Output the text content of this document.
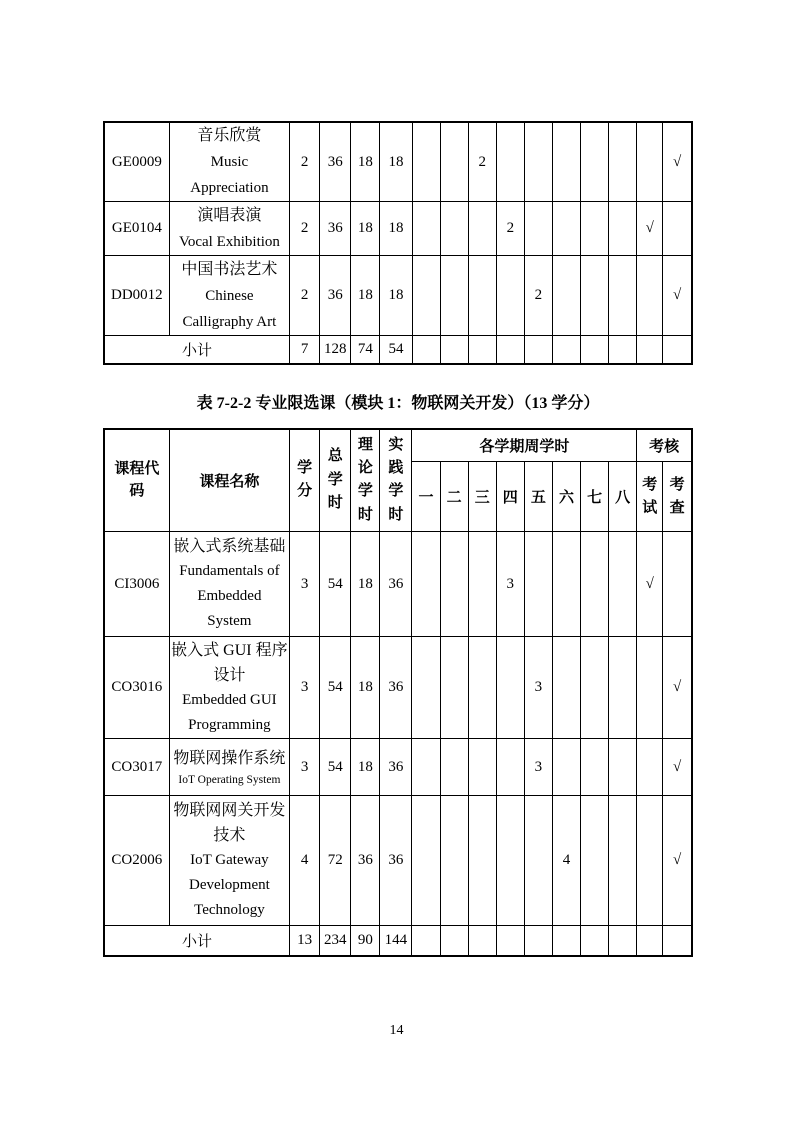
GE0009	音乐欣赏
Music
Appreciation	2	36	18	18			2							√
GE0104	演唱表演
Vocal Exhibition	2	36	18	18				2					√	
DD0012	中国书法艺术
Chinese
Calligraphy Art	2	36	18	18					2					√
小计		7	128	74	54										
表 7-2-2 专业限选课（模块 1：物联网关开发）（13 学分）
课程代码	课程名称	学分	总学时	理论学时	实践学时	各学期周学时								考核	
						一	二	三	四	五	六	七	八	考试	考查

CI3006	嵌入式系统基础
Fundamentals of
Embedded
System	3	54	18	36				3					√	
CO3016	嵌入式 GUI 程序
设计
Embedded GUI
Programming	3	54	18	36					3					√
CO3017	物联网操作系统
IoT Operating System	3	54	18	36					3					√
CO2006	物联网网关开发
技术
IoT Gateway
Development
Technology	4	72	36	36						4				√
小计		13	234	90	144										
14
